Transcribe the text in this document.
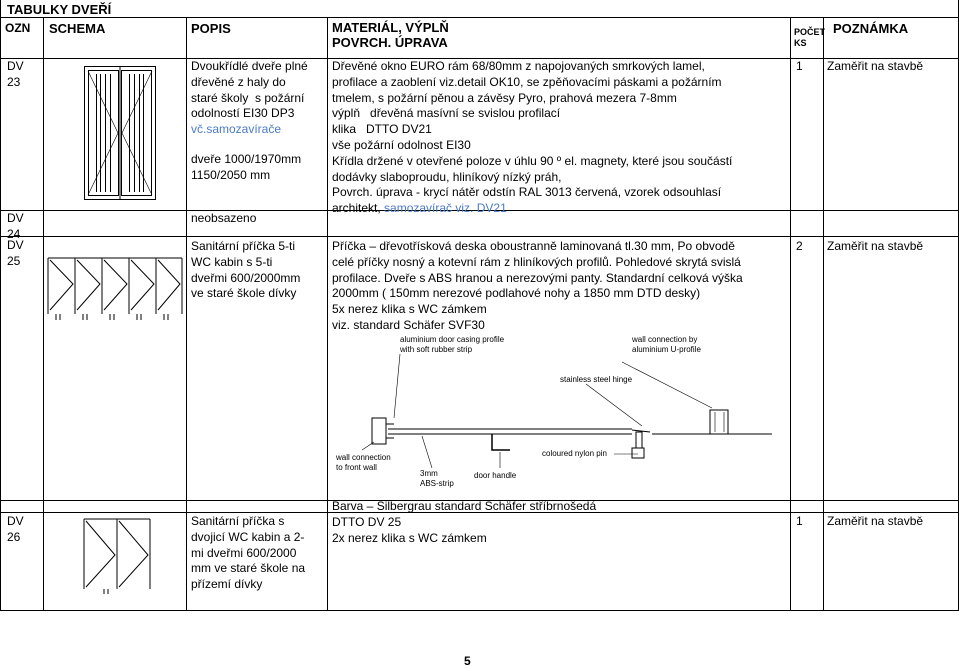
TABULKY DVEŘÍ
OZN SCHEMA	POPIS	MATERIÁL, VÝPLŇ
POVRCH. ÚPRAVA
POČET
KS
POZNÁMKA
DV
23
Dvoukřídlé dveře plné
dřevěné z haly do
staré školy  s požární
odolností EI30 DP3
vč.samozavírače
dveře 1000/1970mm
1150/2050 mm
Dřevěné okno EURO rám 68/80mm z napojovaných smrkových lamel,
profilace a zaoblení viz.detail OK10, se zpěňovacími páskami a požárním
tmelem, s požární pěnou a závěsy Pyro, prahová mezera 7-8mm
výplň   dřevěná masívní se svislou profilací
klika   DTTO DV21
vše požární odolnost EI30
Křídla držené v otevřené poloze v úhlu 90 º el. magnety, které jsou součástí
dodávky slaboproudu, hliníkový nízký práh,
Povrch. úprava - krycí nátěr odstín RAL 3013 červená, vzorek odsouhlasí
architekt, samozavírač viz. DV21
1 Zaměřit na stavbě
DV
24
neobsazeno
DV
25
Sanitární příčka 5-ti
WC kabin s 5-ti
dveřmi 600/2000mm
ve staré škole dívky
Příčka – dřevotřísková deska oboustranně laminovaná tl.30 mm, Po obvodě
celé příčky nosný a kotevní rám z hliníkových profilů. Pohledové skrytá svislá
profilace. Dveře s ABS hranou a nerezovými panty. Standardní celková výška
2000mm ( 150mm nerezové podlahové nohy a 1850 mm DTD desky)
5x nerez klika s WC zámkem
viz. standard Schäfer SVF30
2 Zaměřit na stavbě
aluminium door casing profile
with soft rubber strip
wall connection by
aluminium U-profile
stainless steel hinge
wall connection
to front wall
3mm
ABS-strip
door handle
coloured nylon pin
DV
26
Sanitární příčka s
dvojicí WC kabin a 2-
mi dveřmi 600/2000
mm ve staré škole na
přízemí dívky
Barva – Silbergrau standard Schäfer stříbrnošedá
DTTO DV 25
2x nerez klika s WC zámkem
1 Zaměřit na stavbě
5
